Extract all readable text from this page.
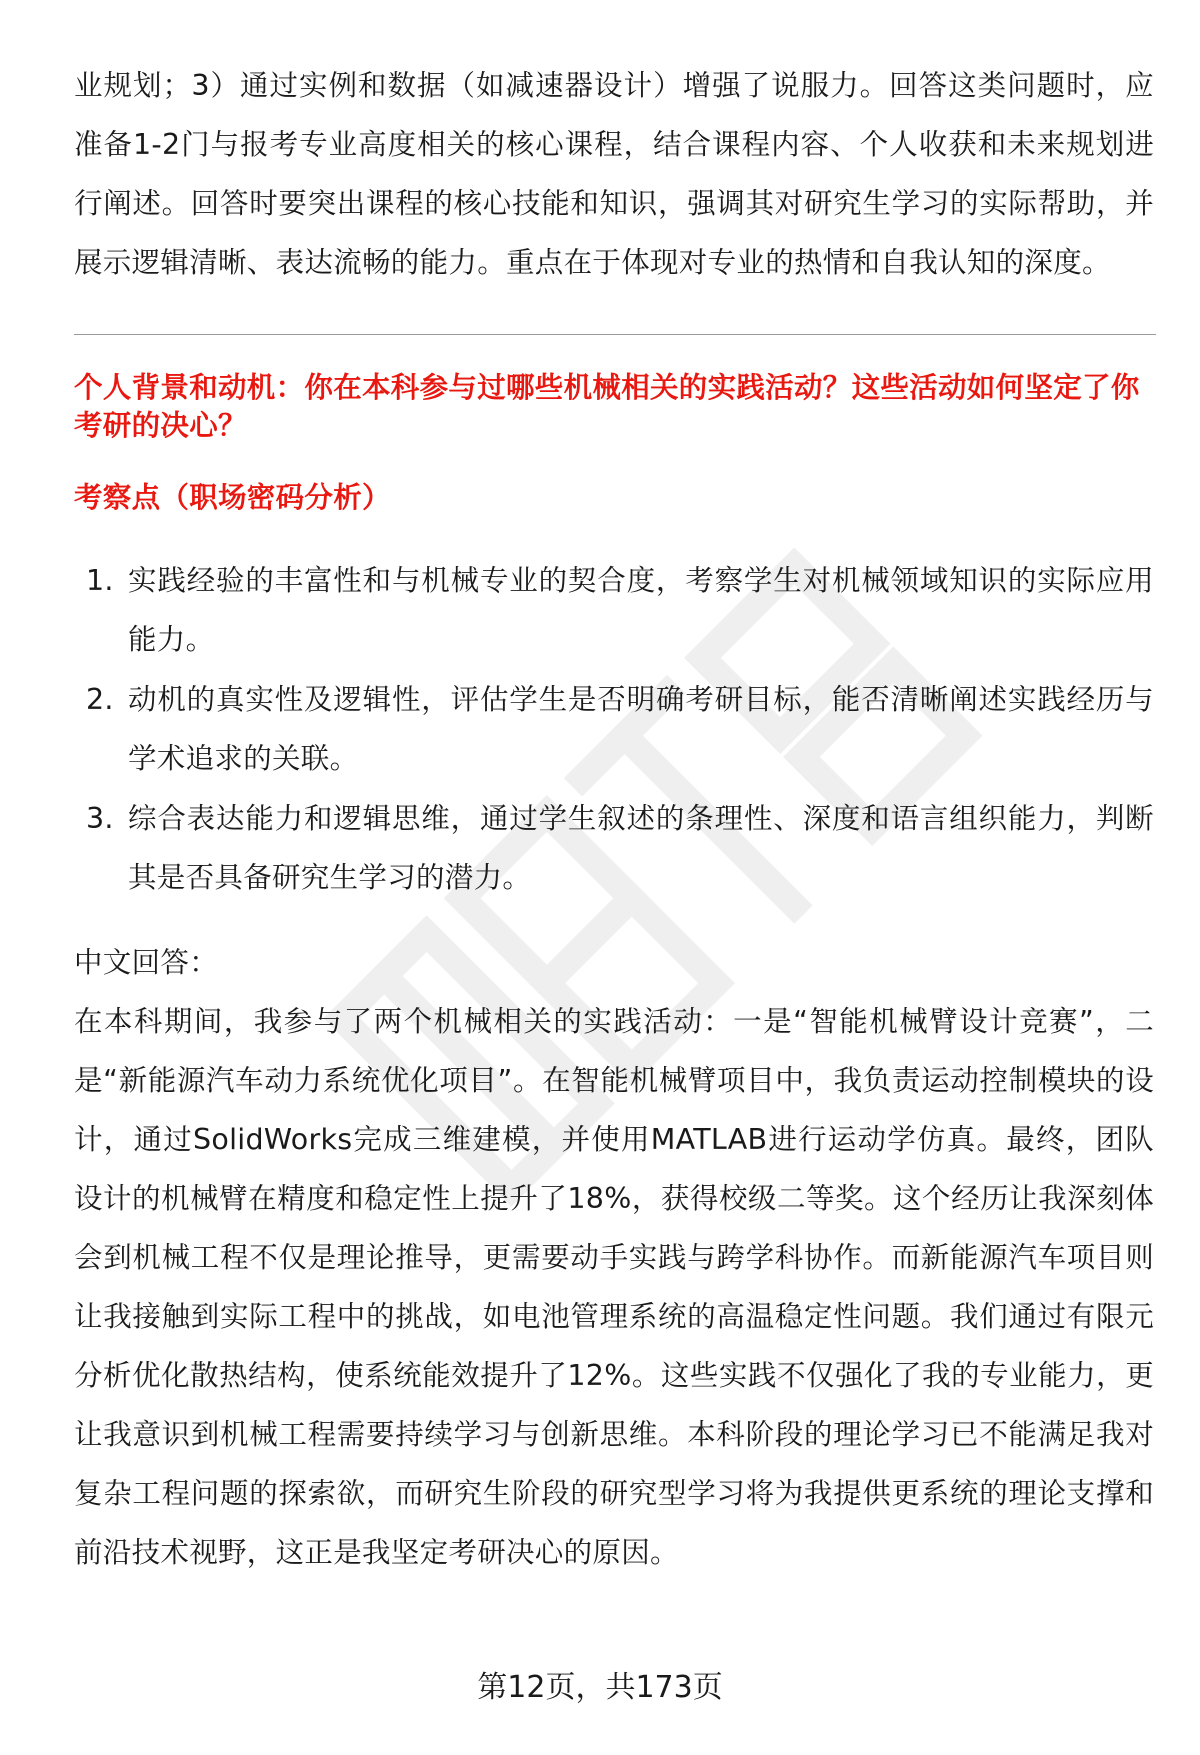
业规划；3）通过实例和数据（如减速器设计）增强了说服力。回答这类问题时，应准备1-2门与报考专业高度相关的核心课程，结合课程内容、个人收获和未来规划进行阐述。回答时要突出课程的核心技能和知识，强调其对研究生学习的实际帮助，并展示逻辑清晰、表达流畅的能力。重点在于体现对专业的热情和自我认知的深度。

个人背景和动机：你在本科参与过哪些机械相关的实践活动？这些活动如何坚定了你考研的决心？
考察点（职场密码分析）
1. 实践经验的丰富性和与机械专业的契合度，考察学生对机械领域知识的实际应用能力。
2. 动机的真实性及逻辑性，评估学生是否明确考研目标，能否清晰阐述实践经历与学术追求的关联。
3. 综合表达能力和逻辑思维，通过学生叙述的条理性、深度和语言组织能力，判断其是否具备研究生学习的潜力。
中文回答：

在本科期间，我参与了两个机械相关的实践活动：一是“智能机械臂设计竞赛”，二是“新能源汽车动力系统优化项目”。在智能机械臂项目中，我负责运动控制模块的设计，通过SolidWorks完成三维建模，并使用MATLAB进行运动学仿真。最终，团队设计的机械臂在精度和稳定性上提升了18%，获得校级二等奖。这个经历让我深刻体会到机械工程不仅是理论推导，更需要动手实践与跨学科协作。而新能源汽车项目则让我接触到实际工程中的挑战，如电池管理系统的高温稳定性问题。我们通过有限元分析优化散热结构，使系统能效提升了12%。这些实践不仅强化了我的专业能力，更让我意识到机械工程需要持续学习与创新思维。本科阶段的理论学习已不能满足我对复杂工程问题的探索欲，而研究生阶段的研究型学习将为我提供更系统的理论支撑和前沿技术视野，这正是我坚定考研决心的原因。

第12页，共173页
